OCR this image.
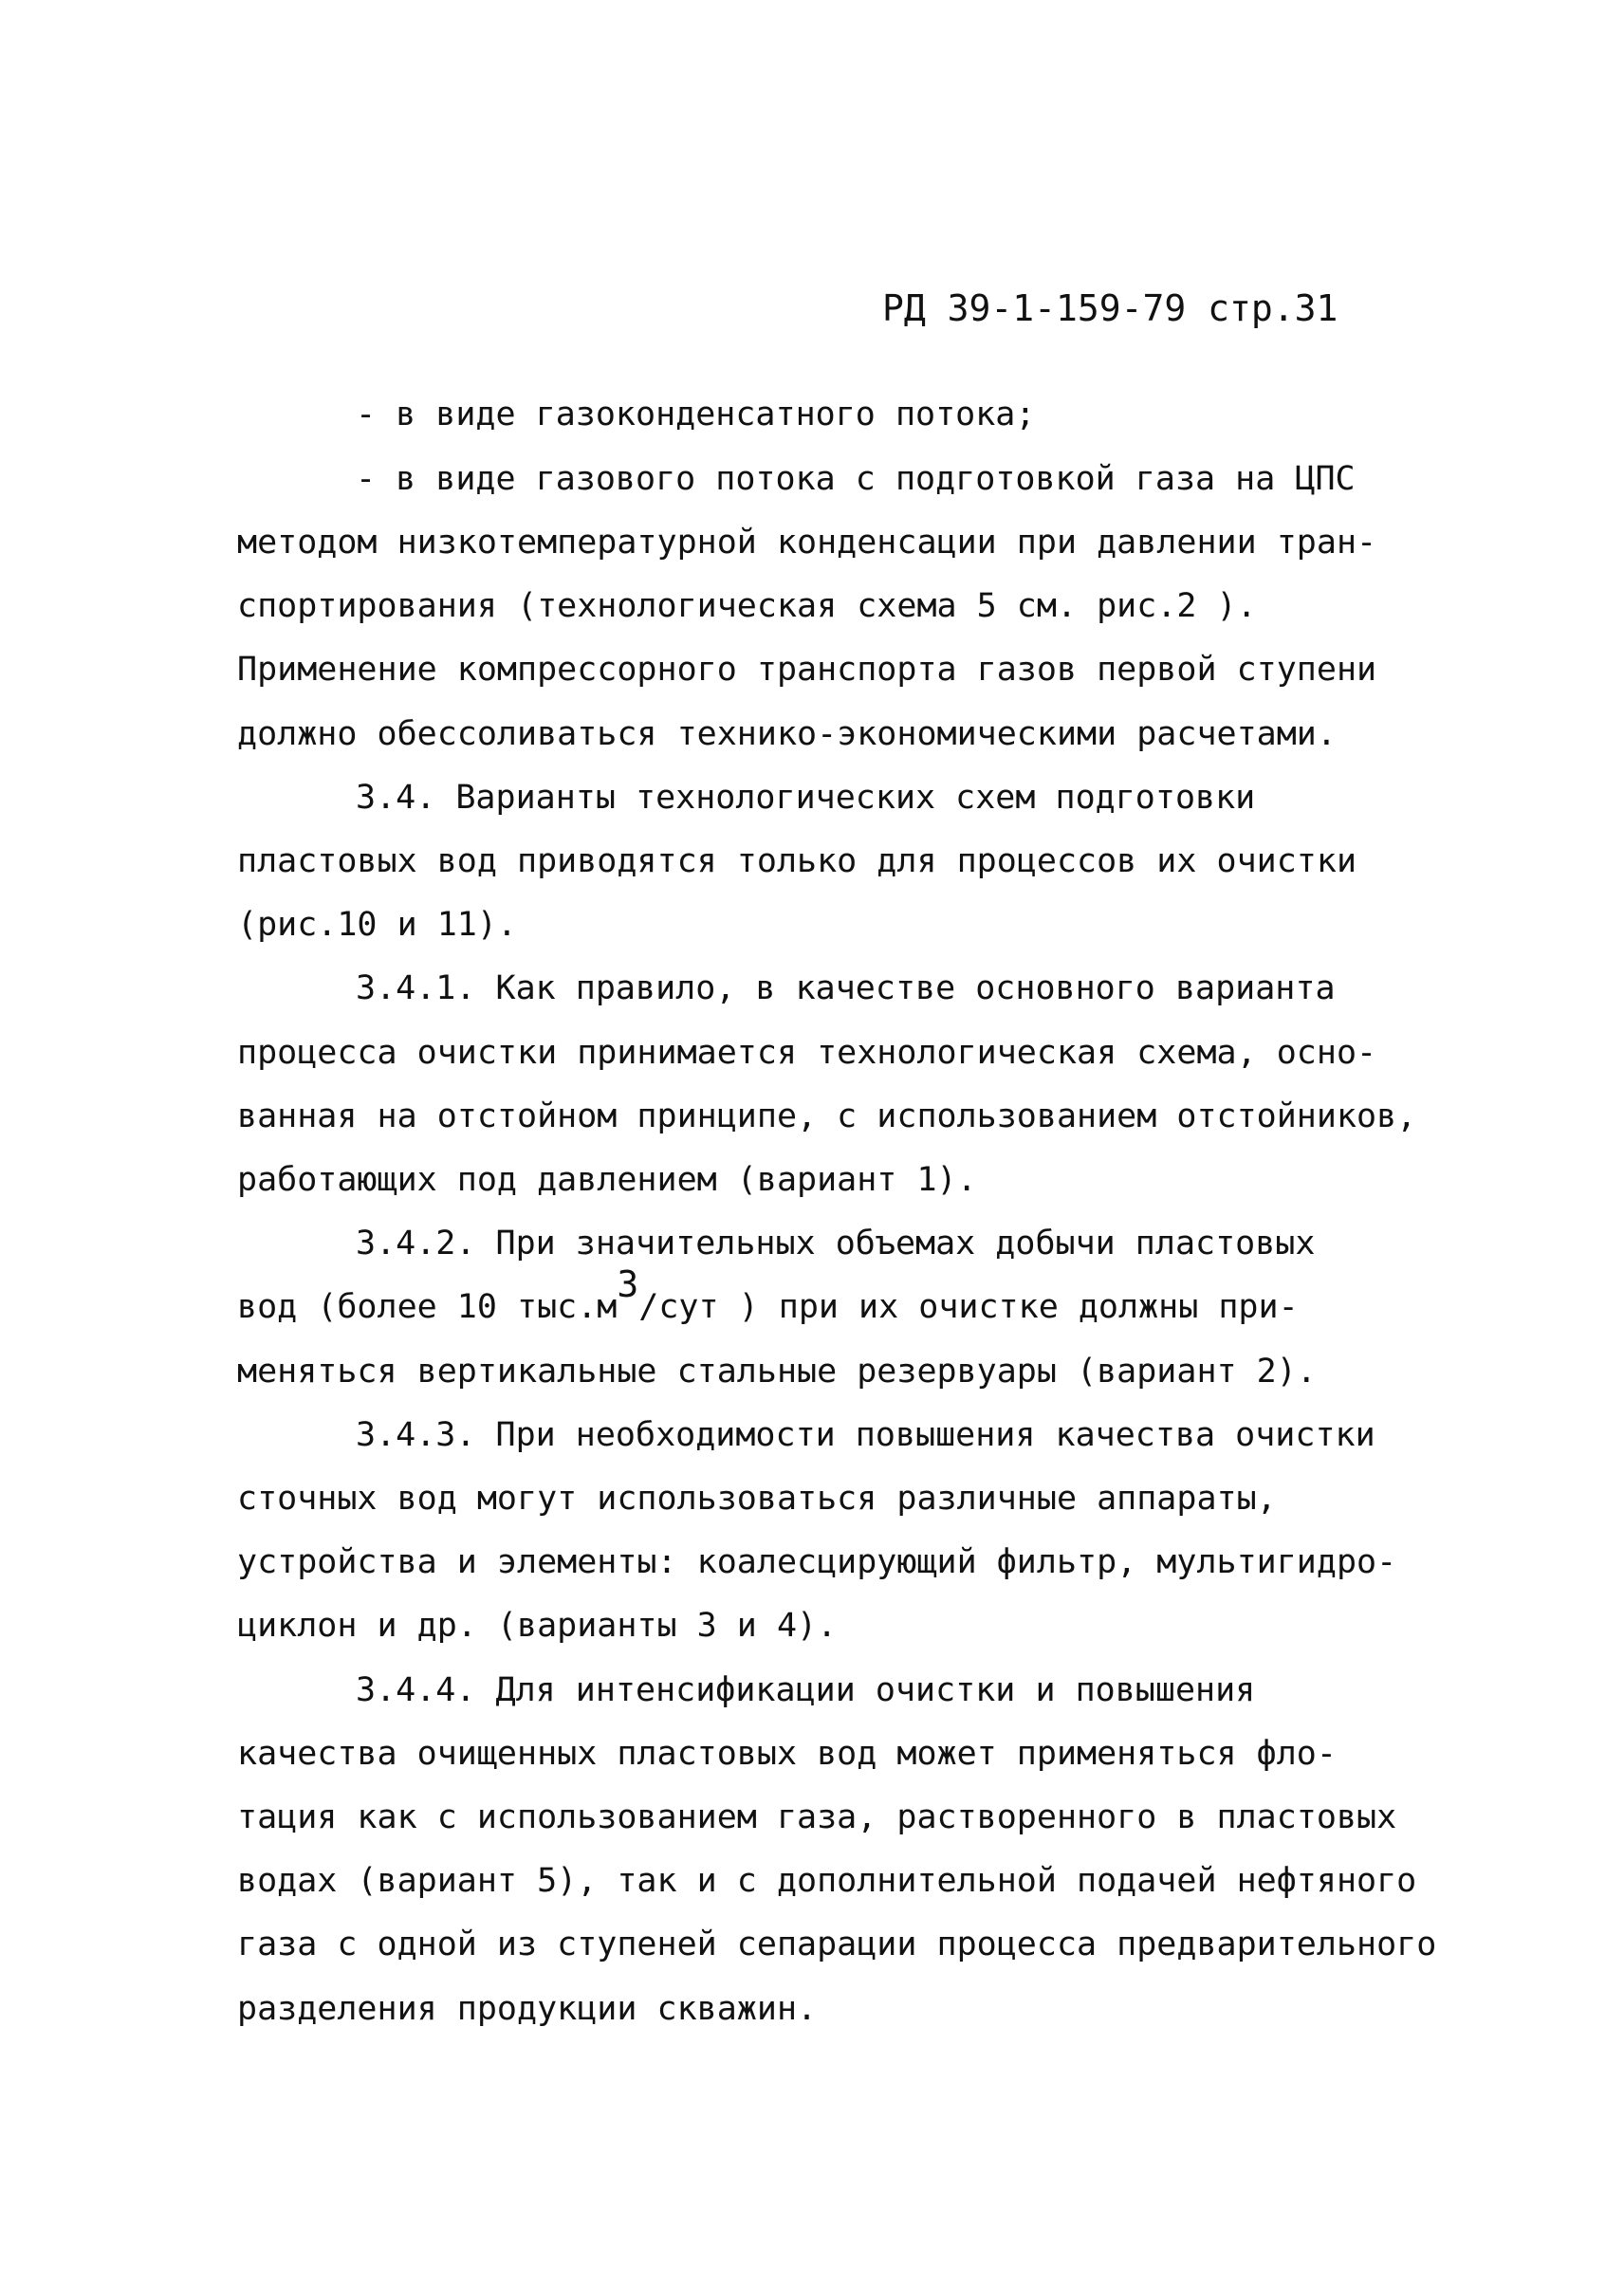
РД 39-1-159-79 стр.31
- в виде газоконденсатного потока;
- в виде газового потока с подготовкой газа на ЦПС
методом низкотемпературной конденсации при давлении тран-
спортирования (технологическая схема 5 см. рис.2 ).
Применение компрессорного транспорта газов первой ступени
должно обессоливаться технико-экономическими расчетами.
3.4. Варианты технологических схем подготовки
пластовых вод приводятся только для процессов их очистки
(рис.10 и 11).
3.4.1. Как правило, в качестве основного варианта
процесса очистки принимается технологическая схема, осно-
ванная на отстойном принципе, с использованием отстойников,
работающих под давлением (вариант 1).
3.4.2. При значительных объемах добычи пластовых
вод (более 10 $тыс.м^3$/сут ) при их очистке должны при-
меняться вертикальные стальные резервуары (вариант 2).
3.4.3. При необходимости повышения качества очистки
сточных вод могут использоваться различные аппараты,
устройства и элементы: коалесцирующий фильтр, мультигидро-
циклон и др. (варианты 3 и 4).
3.4.4. Для интенсификации очистки и повышения
качества очищенных пластовых вод может применяться фло-
тация как с использованием газа, растворенного в пластовых
водах (вариант 5), так и с дополнительной подачей нефтяного
газа с одной из ступеней сепарации процесса предварительного
разделения продукции скважин.
